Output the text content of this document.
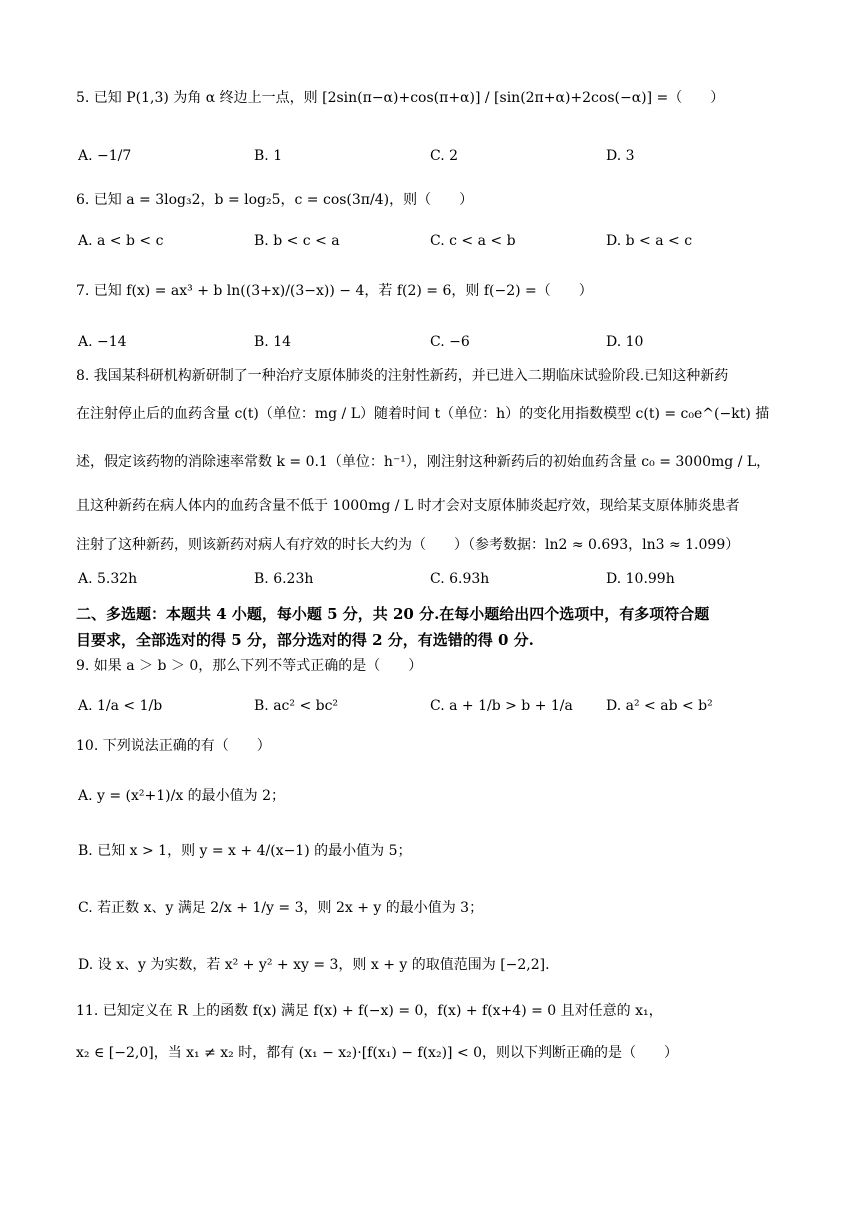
5. 已知 P(1,3) 为角 α 终边上一点，则 [2sin(π−α)+cos(π+α)] / [sin(2π+α)+2cos(−α)] =（　　）
A. −1/7	B. 1	C. 2	D. 3
6. 已知 a = 3log₃2，b = log₂5，c = cos(3π/4)，则（　　）
A. a < b < c	B. b < c < a	C. c < a < b	D. b < a < c
7. 已知 f(x) = ax³ + b ln((3+x)/(3−x)) − 4，若 f(2) = 6，则 f(−2) =（　　）
A. −14	B. 14	C. −6	D. 10
8. 我国某科研机构新研制了一种治疗支原体肺炎的注射性新药，并已进入二期临床试验阶段.已知这种新药
在注射停止后的血药含量 c(t)（单位：mg / L）随着时间 t（单位：h）的变化用指数模型 c(t) = c₀e^(−kt) 描
述，假定该药物的消除速率常数 k = 0.1（单位：h⁻¹），刚注射这种新药后的初始血药含量 c₀ = 3000mg / L，
且这种新药在病人体内的血药含量不低于 1000mg / L 时才会对支原体肺炎起疗效，现给某支原体肺炎患者
注射了这种新药，则该新药对病人有疗效的时长大约为（　　）（参考数据：ln2 ≈ 0.693，ln3 ≈ 1.099）
A. 5.32h	B. 6.23h	C. 6.93h	D. 10.99h
二、多选题：本题共 4 小题，每小题 5 分，共 20 分.在每小题给出四个选项中，有多项符合题
目要求，全部选对的得 5 分，部分选对的得 2 分，有选错的得 0 分.
9. 如果 a ＞ b ＞ 0，那么下列不等式正确的是（　　）
A. 1/a < 1/b	B. ac² < bc²	C. a + 1/b > b + 1/a D. a² < ab < b²
10. 下列说法正确的有（　　）
A. y = (x²+1)/x 的最小值为 2；
B. 已知 x > 1，则 y = x + 4/(x−1) 的最小值为 5；
C. 若正数 x、y 满足 2/x + 1/y = 3，则 2x + y 的最小值为 3；
D. 设 x、y 为实数，若 x² + y² + xy = 3，则 x + y 的取值范围为 [−2,2].
11. 已知定义在 R 上的函数 f(x) 满足 f(x) + f(−x) = 0，f(x) + f(x+4) = 0 且对任意的 x₁，
x₂ ∈ [−2,0]，当 x₁ ≠ x₂ 时，都有 (x₁ − x₂)·[f(x₁) − f(x₂)] < 0，则以下判断正确的是（　　）
